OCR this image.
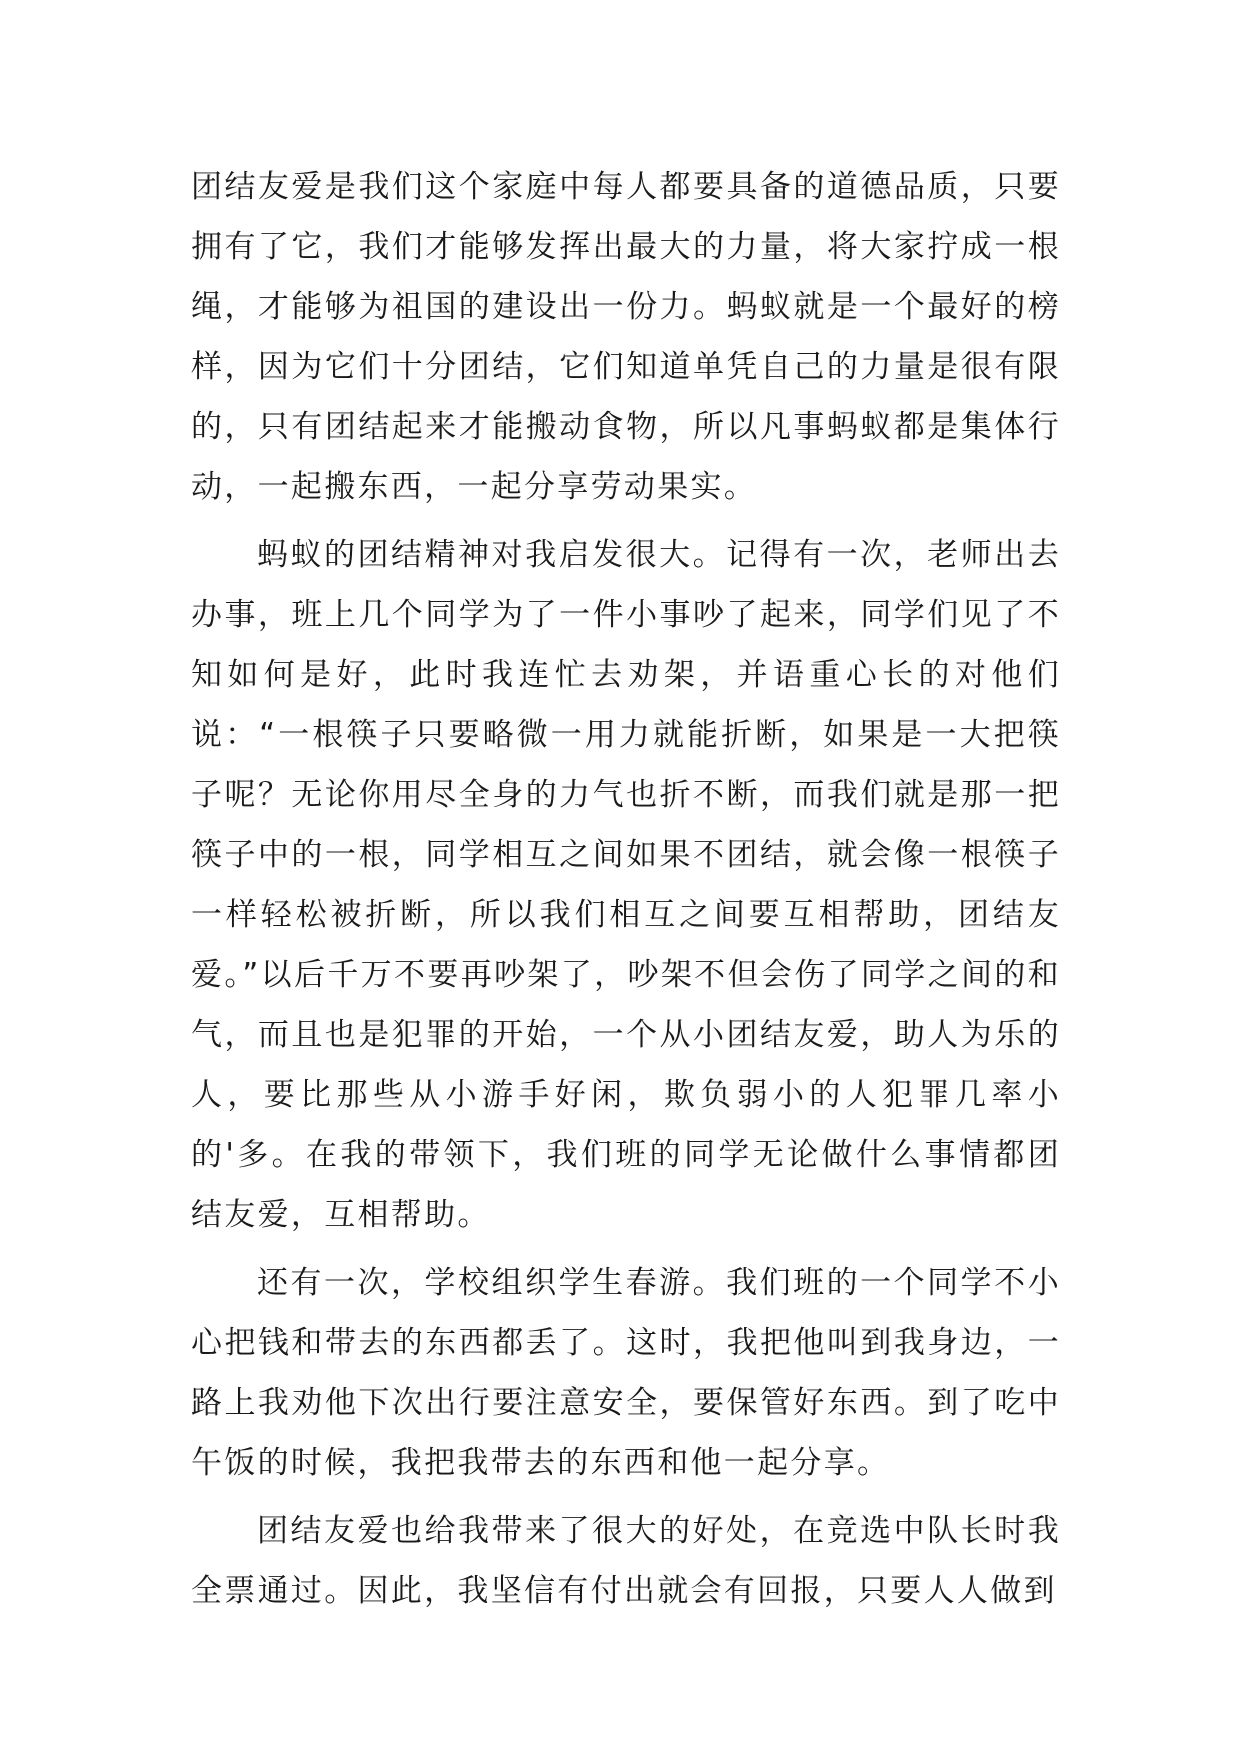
团结友爱是我们这个家庭中每人都要具备的道德品质，只要拥有了它，我们才能够发挥出最大的力量，将大家拧成一根绳，才能够为祖国的建设出一份力。蚂蚁就是一个最好的榜样，因为它们十分团结，它们知道单凭自己的力量是很有限的，只有团结起来才能搬动食物，所以凡事蚂蚁都是集体行动，一起搬东西，一起分享劳动果实。

蚂蚁的团结精神对我启发很大。记得有一次，老师出去办事，班上几个同学为了一件小事吵了起来，同学们见了不知如何是好，此时我连忙去劝架，并语重心长的对他们说：“一根筷子只要略微一用力就能折断，如果是一大把筷子呢？无论你用尽全身的力气也折不断，而我们就是那一把筷子中的一根，同学相互之间如果不团结，就会像一根筷子一样轻松被折断，所以我们相互之间要互相帮助，团结友爱。”以后千万不要再吵架了，吵架不但会伤了同学之间的和气，而且也是犯罪的开始，一个从小团结友爱，助人为乐的人，要比那些从小游手好闲，欺负弱小的人犯罪几率小的'多。在我的带领下，我们班的同学无论做什么事情都团结友爱，互相帮助。

还有一次，学校组织学生春游。我们班的一个同学不小心把钱和带去的东西都丢了。这时，我把他叫到我身边，一路上我劝他下次出行要注意安全，要保管好东西。到了吃中午饭的时候，我把我带去的东西和他一起分享。

团结友爱也给我带来了很大的好处，在竞选中队长时我全票通过。因此，我坚信有付出就会有回报，只要人人做到
